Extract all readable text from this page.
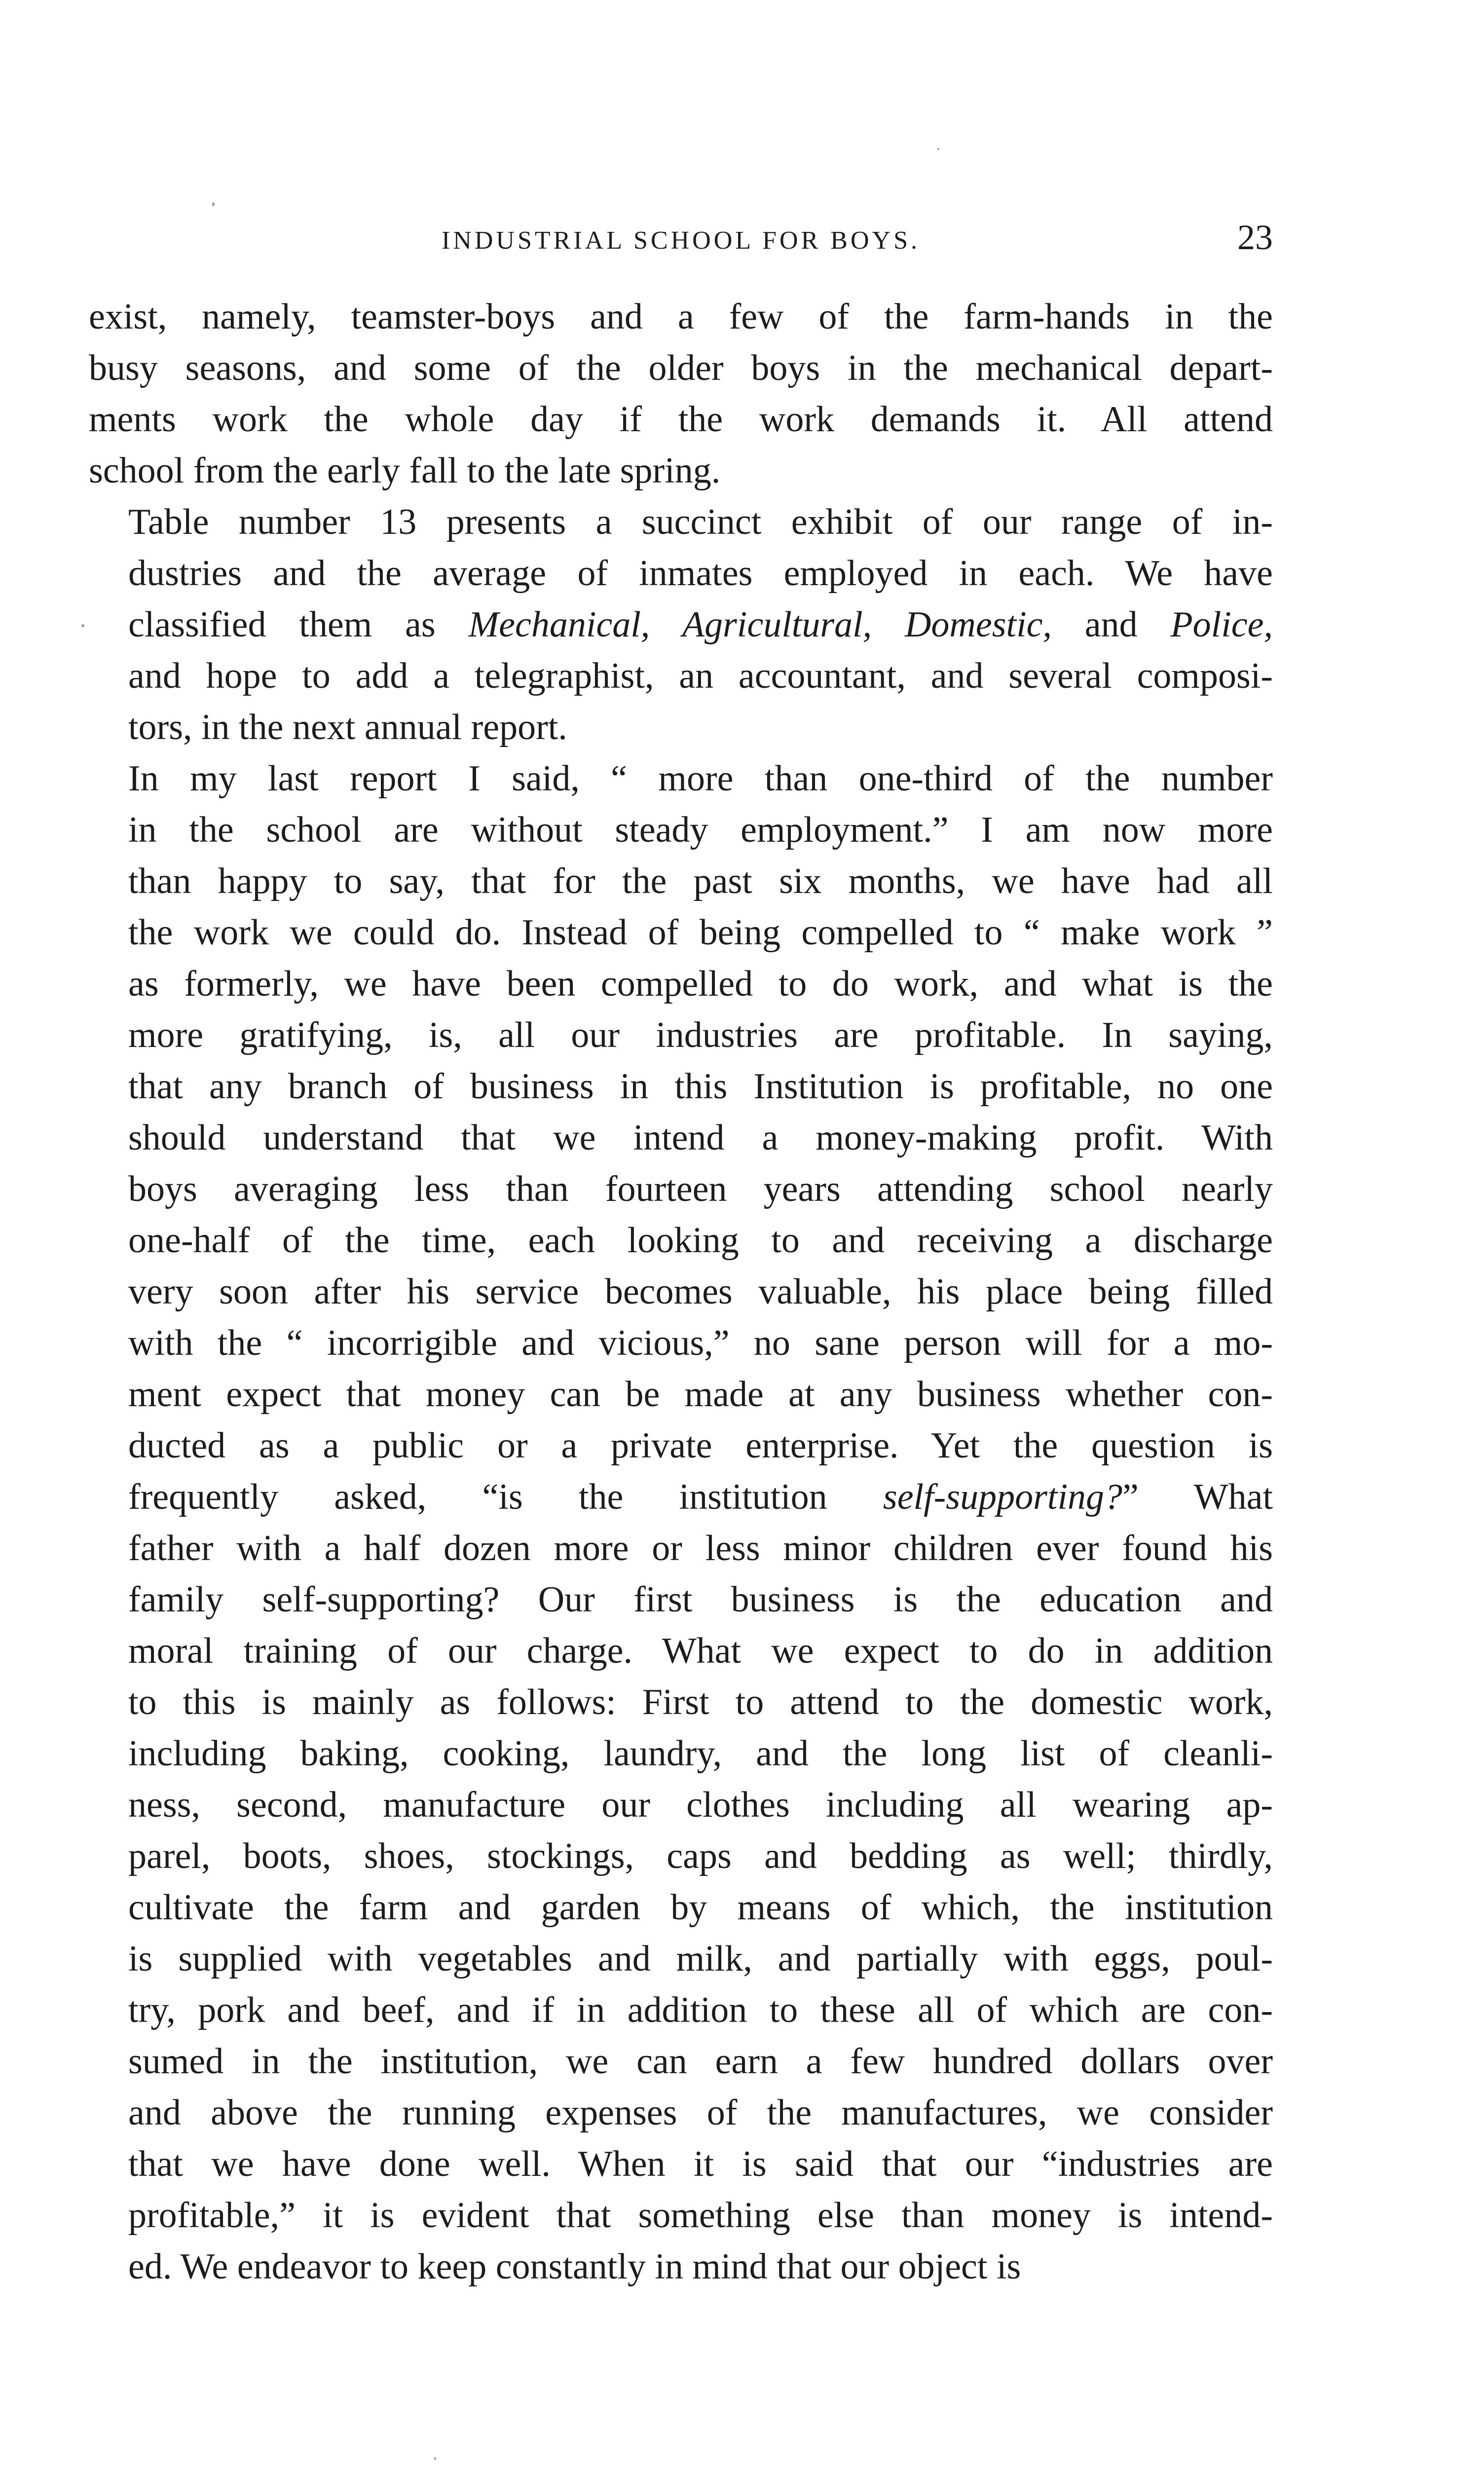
INDUSTRIAL SCHOOL FOR BOYS.	23

exist, namely, teamster-boys and a few of the farm-hands in the
busy seasons, and some of the older boys in the mechanical depart-
ments work the whole day if the work demands it. All attend
school from the early fall to the late spring.

Table number 13 presents a succinct exhibit of our range of in-
dustries and the average of inmates employed in each. We have
classified them as Mechanical, Agricultural, Domestic, and Police,
and hope to add a telegraphist, an accountant, and several composi-
tors, in the next annual report.

In my last report I said, “ more than one-third of the number
in the school are without steady employment.” I am now more
than happy to say, that for the past six months, we have had all
the work we could do. Instead of being compelled to “ make work ”
as formerly, we have been compelled to do work, and what is the
more gratifying, is, all our industries are profitable. In saying,
that any branch of business in this Institution is profitable, no one
should understand that we intend a money-making profit. With
boys averaging less than fourteen years attending school nearly
one-half of the time, each looking to and receiving a discharge
very soon after his service becomes valuable, his place being filled
with the “ incorrigible and vicious,” no sane person will for a mo-
ment expect that money can be made at any business whether con-
ducted as a public or a private enterprise. Yet the question is
frequently asked, “is the institution self-supporting?” What
father with a half dozen more or less minor children ever found his
family self-supporting? Our first business is the education and
moral training of our charge. What we expect to do in addition
to this is mainly as follows: First to attend to the domestic work,
including baking, cooking, laundry, and the long list of cleanli-
ness, second, manufacture our clothes including all wearing ap-
parel, boots, shoes, stockings, caps and bedding as well; thirdly,
cultivate the farm and garden by means of which, the institution
is supplied with vegetables and milk, and partially with eggs, poul-
try, pork and beef, and if in addition to these all of which are con-
sumed in the institution, we can earn a few hundred dollars over
and above the running expenses of the manufactures, we consider
that we have done well. When it is said that our “industries are
profitable,” it is evident that something else than money is intend-
ed. We endeavor to keep constantly in mind that our object is
